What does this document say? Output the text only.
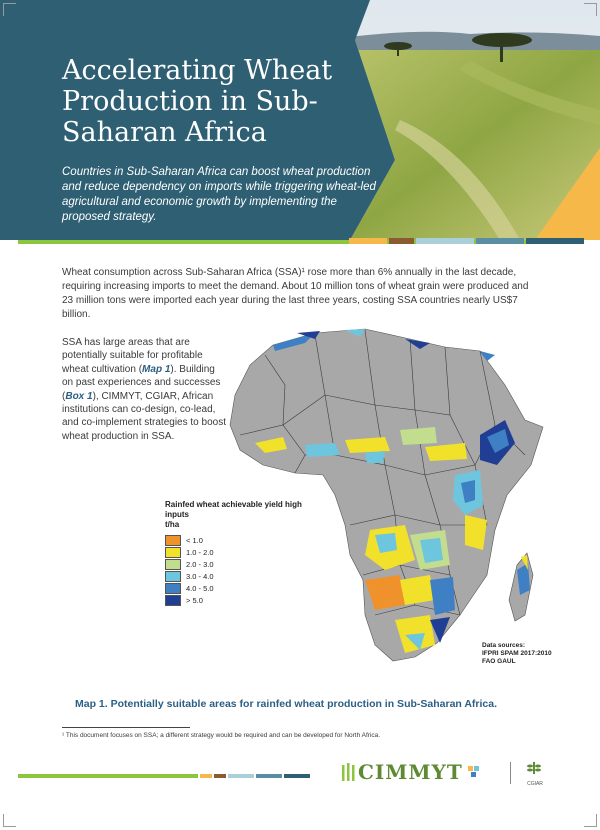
Accelerating Wheat Production in Sub-Saharan Africa

Countries in Sub-Saharan Africa can boost wheat production and reduce dependency on imports while triggering wheat-led agricultural and economic growth by implementing the proposed strategy.

Wheat consumption across Sub-Saharan Africa (SSA)¹ rose more than 6% annually in the last decade, requiring increasing imports to meet the demand. About 10 million tons of wheat grain were produced and 23 million tons were imported each year during the last three years, costing SSA countries nearly US$7 billion.

SSA has large areas that are potentially suitable for profitable wheat cultivation (Map 1). Building on past experiences and successes (Box 1), CIMMYT, CGIAR, African institutions can co-design, co-lead, and co-implement strategies to boost wheat production in SSA.

Rainfed wheat achievable yield high inputs
t/ha

< 1.0
1.0 - 2.0
2.0 - 3.0
3.0 - 4.0
4.0 - 5.0
> 5.0
Data sources:
IFPRI SPAM 2017:2010
FAO GAUL

Map 1. Potentially suitable areas for rainfed wheat production in Sub-Saharan Africa.

¹ This document focuses on SSA; a different strategy would be required and can be developed for North Africa.

CIMMYT	CGIAR
